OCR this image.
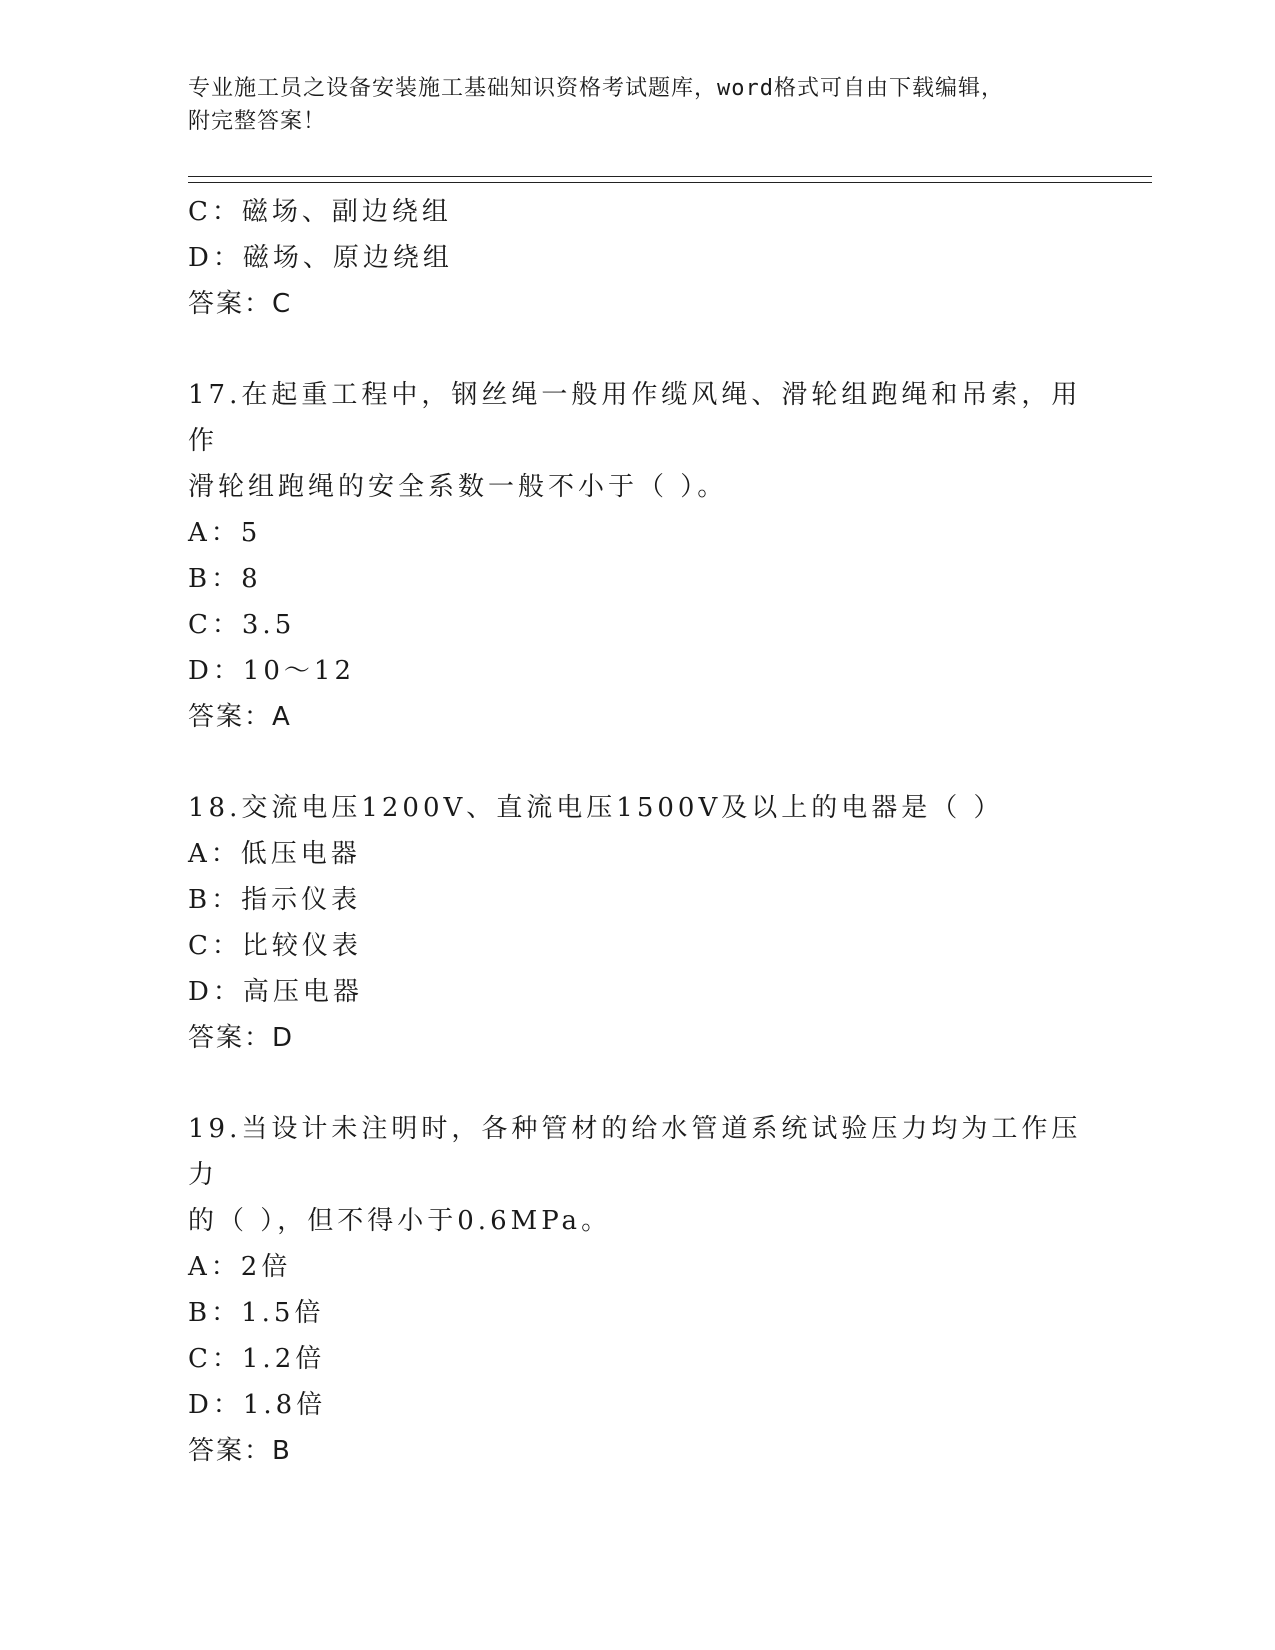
专业施工员之设备安装施工基础知识资格考试题库，word格式可自由下载编辑，
附完整答案！
C：磁场、副边绕组
D：磁场、原边绕组
答案：C
17.在起重工程中，钢丝绳一般用作缆风绳、滑轮组跑绳和吊索，用作
滑轮组跑绳的安全系数一般不小于（ ）。
A：5
B：8
C：3.5
D：10～12
答案：A
18.交流电压1200V、直流电压1500V及以上的电器是（ ）
A：低压电器
B：指示仪表
C：比较仪表
D：高压电器
答案：D
19.当设计未注明时，各种管材的给水管道系统试验压力均为工作压力
的（ ），但不得小于0.6MPa。
A：2倍
B：1.5倍
C：1.2倍
D：1.8倍
答案：B
